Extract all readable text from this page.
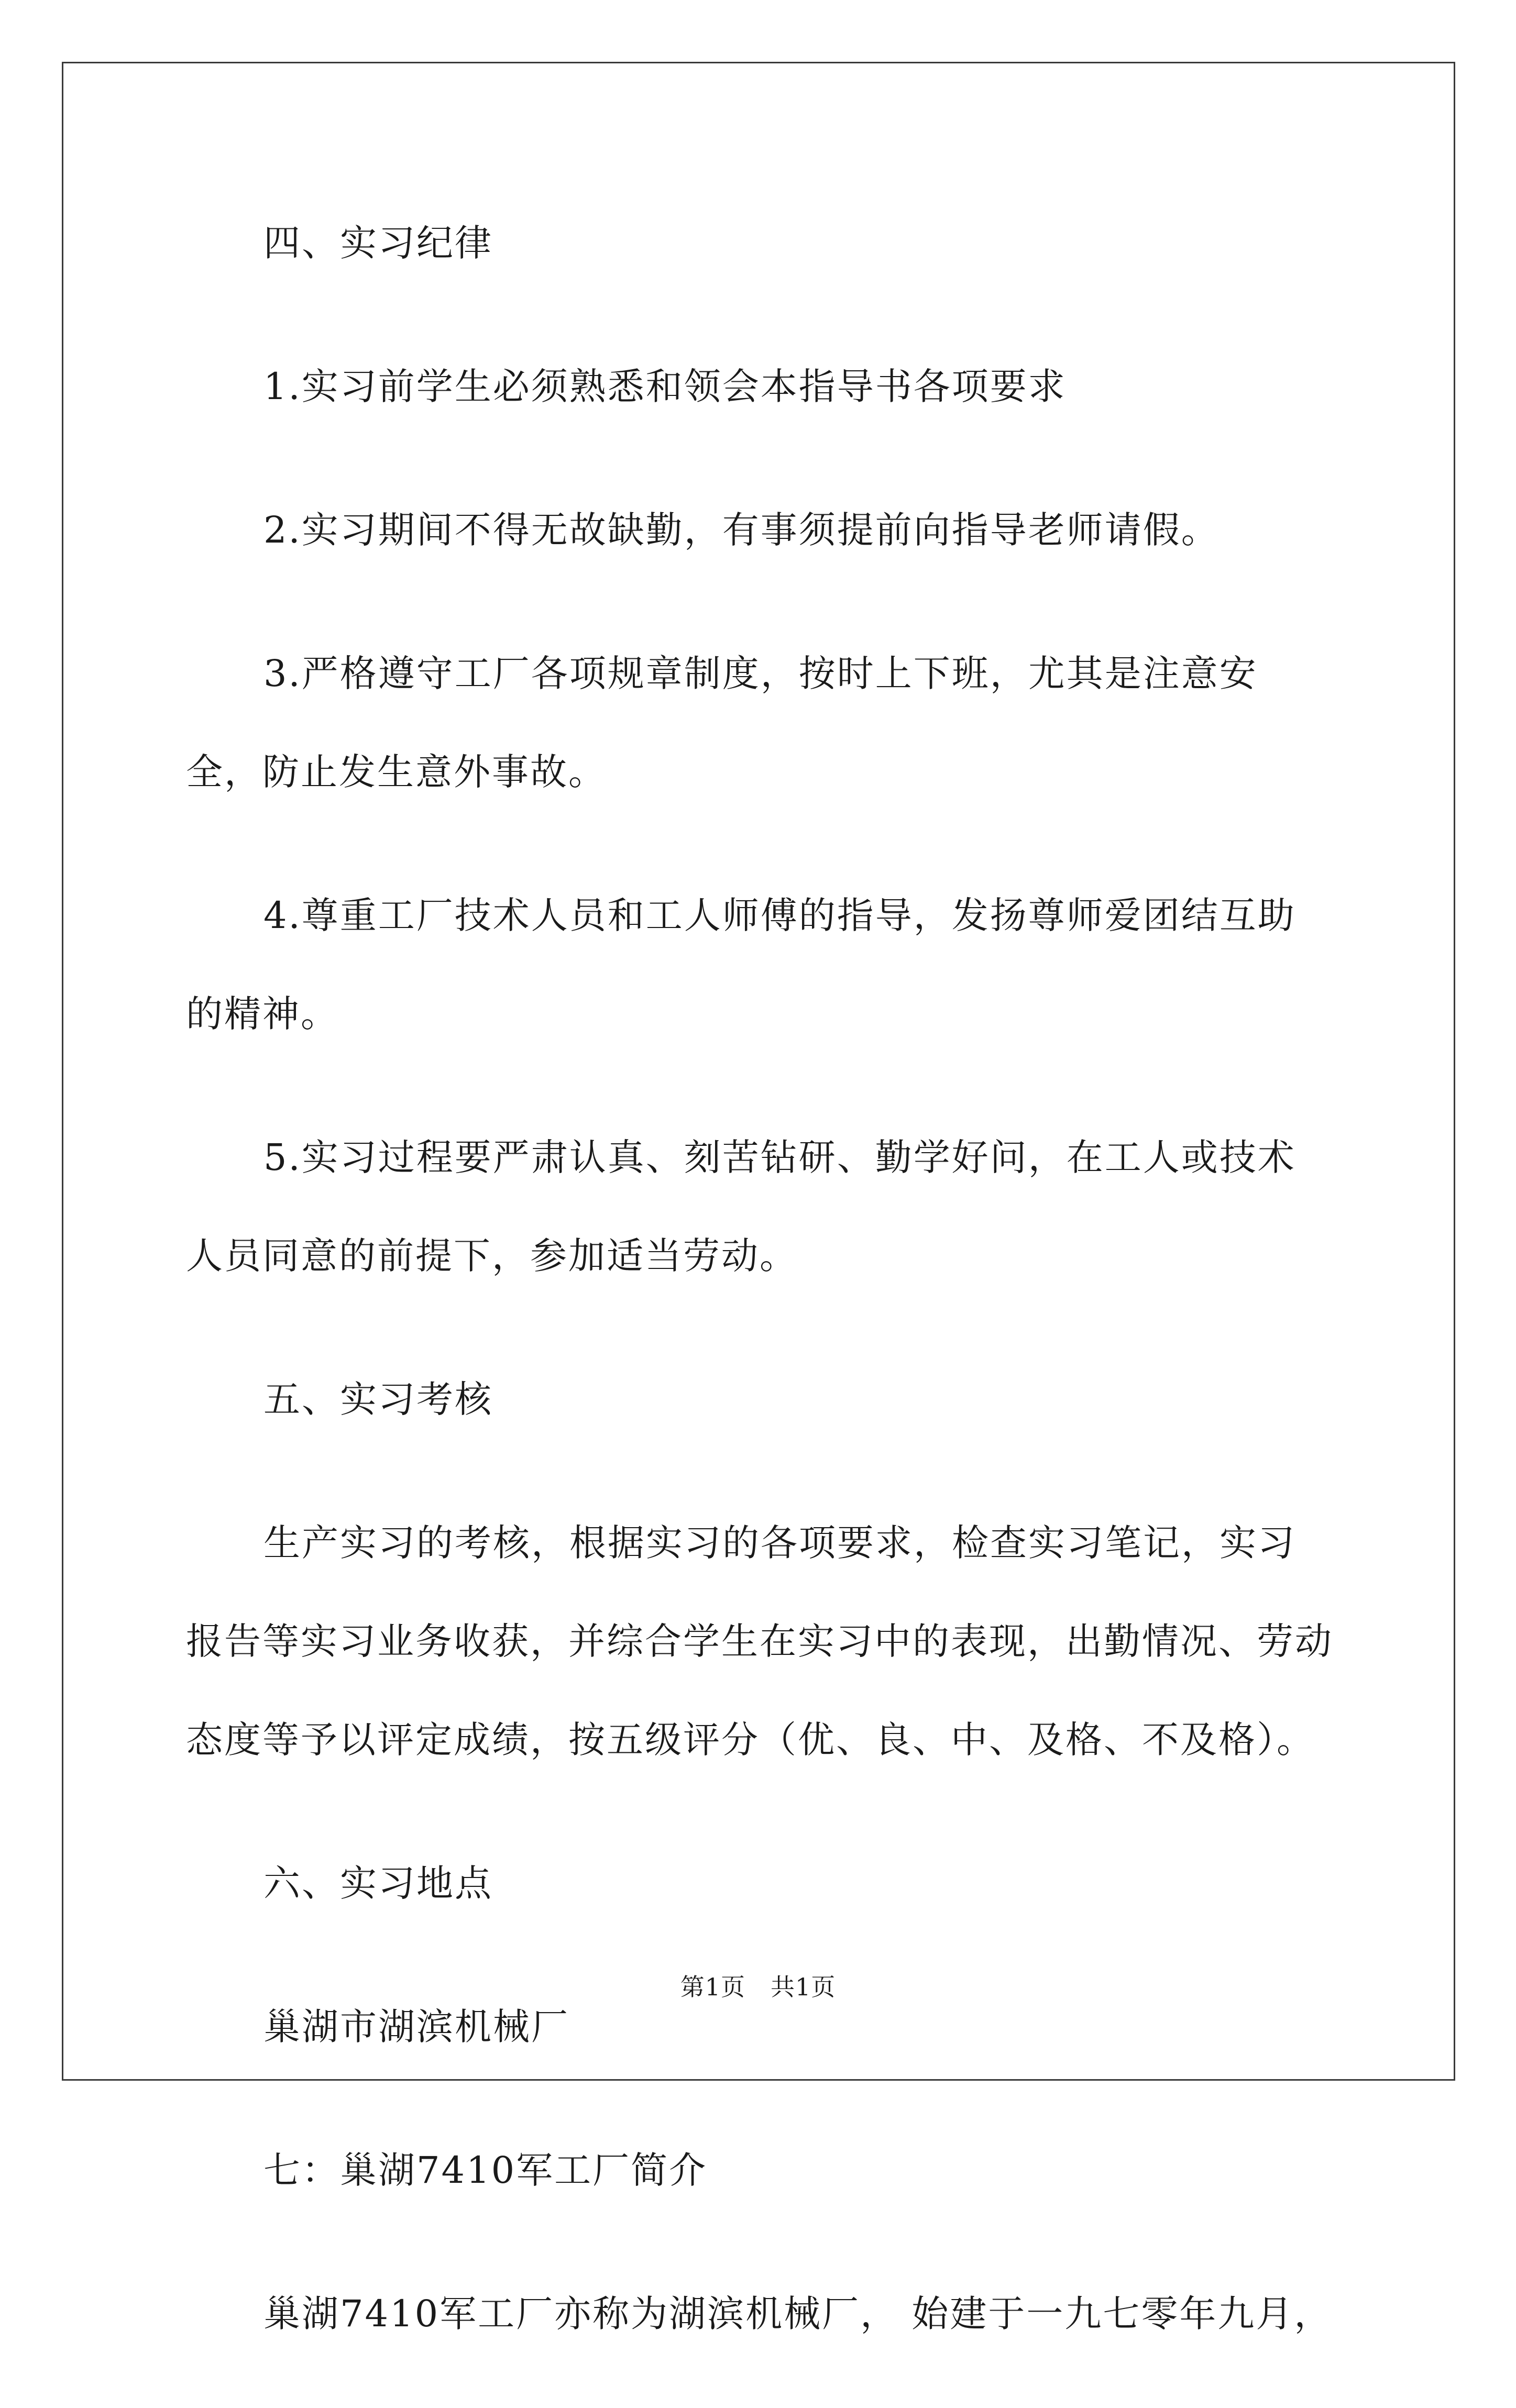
四、实习纪律

1.实习前学生必须熟悉和领会本指导书各项要求

2.实习期间不得无故缺勤，有事须提前向指导老师请假。

3.严格遵守工厂各项规章制度，按时上下班，尤其是注意安全，防止发生意外事故。

4.尊重工厂技术人员和工人师傅的指导，发扬尊师爱团结互助的精神。

5.实习过程要严肃认真、刻苦钻研、勤学好问，在工人或技术人员同意的前提下，参加适当劳动。

五、实习考核

生产实习的考核，根据实习的各项要求，检查实习笔记，实习报告等实习业务收获，并综合学生在实习中的表现，出勤情况、劳动态度等予以评定成绩，按五级评分（优、良、中、及格、不及格）。

六、实习地点

巢湖市湖滨机械厂

七：巢湖7410军工厂简介

巢湖7410军工厂亦称为湖滨机械厂， 始建于一九七零年九月，

第1页 共1页
